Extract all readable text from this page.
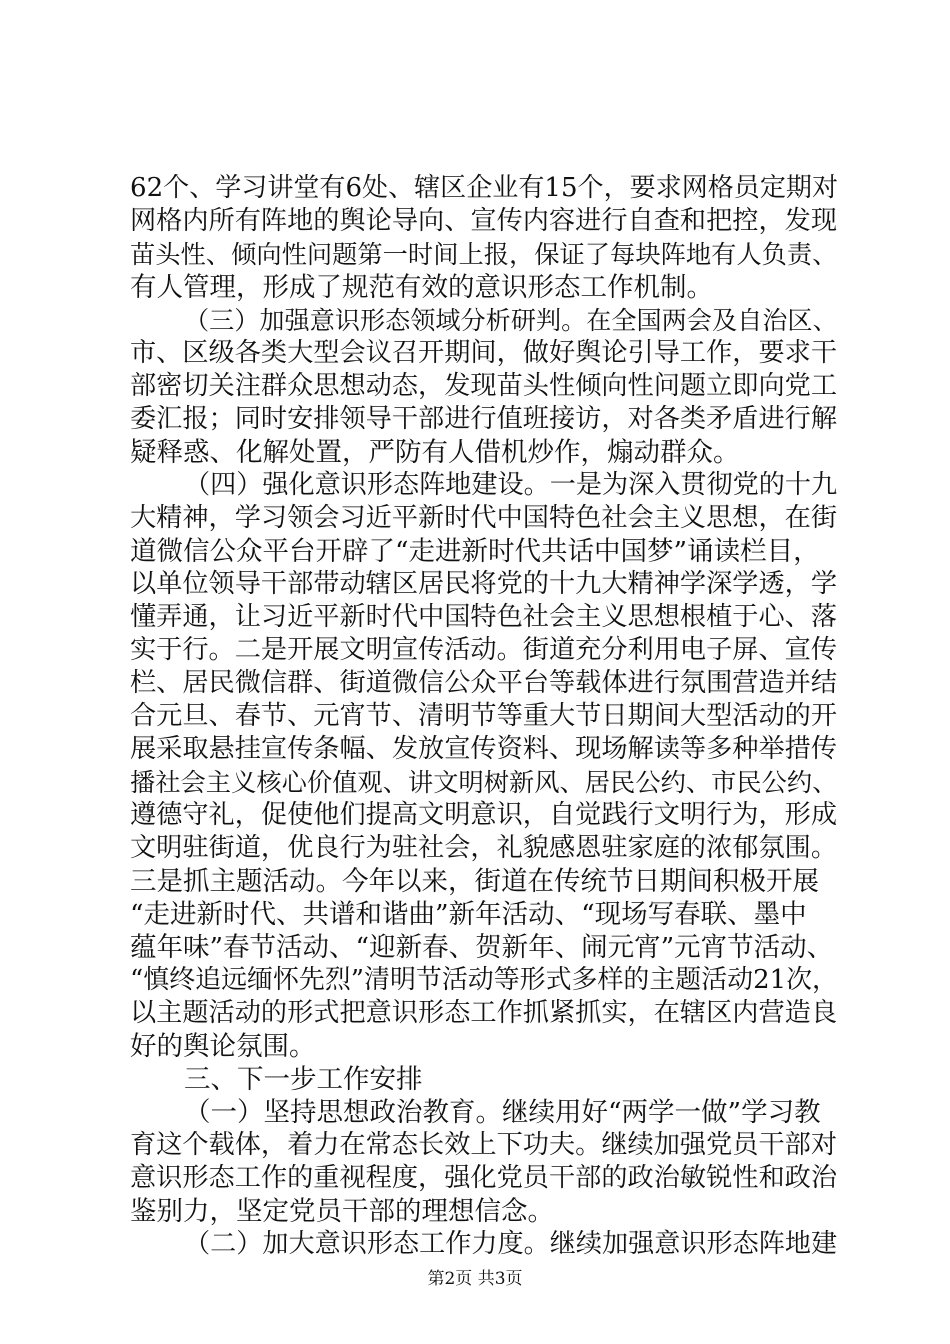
62个、学习讲堂有6处、辖区企业有15个，要求网格员定期对
网格内所有阵地的舆论导向、宣传内容进行自查和把控，发现
苗头性、倾向性问题第一时间上报，保证了每块阵地有人负责、
有人管理，形成了规范有效的意识形态工作机制。
（三）加强意识形态领域分析研判。在全国两会及自治区、
市、区级各类大型会议召开期间，做好舆论引导工作，要求干
部密切关注群众思想动态，发现苗头性倾向性问题立即向党工
委汇报；同时安排领导干部进行值班接访，对各类矛盾进行解
疑释惑、化解处置，严防有人借机炒作，煽动群众。
（四）强化意识形态阵地建设。一是为深入贯彻党的十九
大精神，学习领会习近平新时代中国特色社会主义思想，在街
道微信公众平台开辟了“走进新时代共话中国梦”诵读栏目，
以单位领导干部带动辖区居民将党的十九大精神学深学透，学
懂弄通，让习近平新时代中国特色社会主义思想根植于心、落
实于行。二是开展文明宣传活动。街道充分利用电子屏、宣传
栏、居民微信群、街道微信公众平台等载体进行氛围营造并结
合元旦、春节、元宵节、清明节等重大节日期间大型活动的开
展采取悬挂宣传条幅、发放宣传资料、现场解读等多种举措传
播社会主义核心价值观、讲文明树新风、居民公约、市民公约、
遵德守礼，促使他们提高文明意识，自觉践行文明行为，形成
文明驻街道，优良行为驻社会，礼貌感恩驻家庭的浓郁氛围。
三是抓主题活动。今年以来，街道在传统节日期间积极开展
“走进新时代、共谱和谐曲”新年活动、“现场写春联、墨中
蕴年味”春节活动、“迎新春、贺新年、闹元宵”元宵节活动、
“慎终追远缅怀先烈”清明节活动等形式多样的主题活动21次，
以主题活动的形式把意识形态工作抓紧抓实，在辖区内营造良
好的舆论氛围。
三、下一步工作安排
（一）坚持思想政治教育。继续用好“两学一做”学习教
育这个载体，着力在常态长效上下功夫。继续加强党员干部对
意识形态工作的重视程度，强化党员干部的政治敏锐性和政治
鉴别力，坚定党员干部的理想信念。
（二）加大意识形态工作力度。继续加强意识形态阵地建
第2页 共3页
